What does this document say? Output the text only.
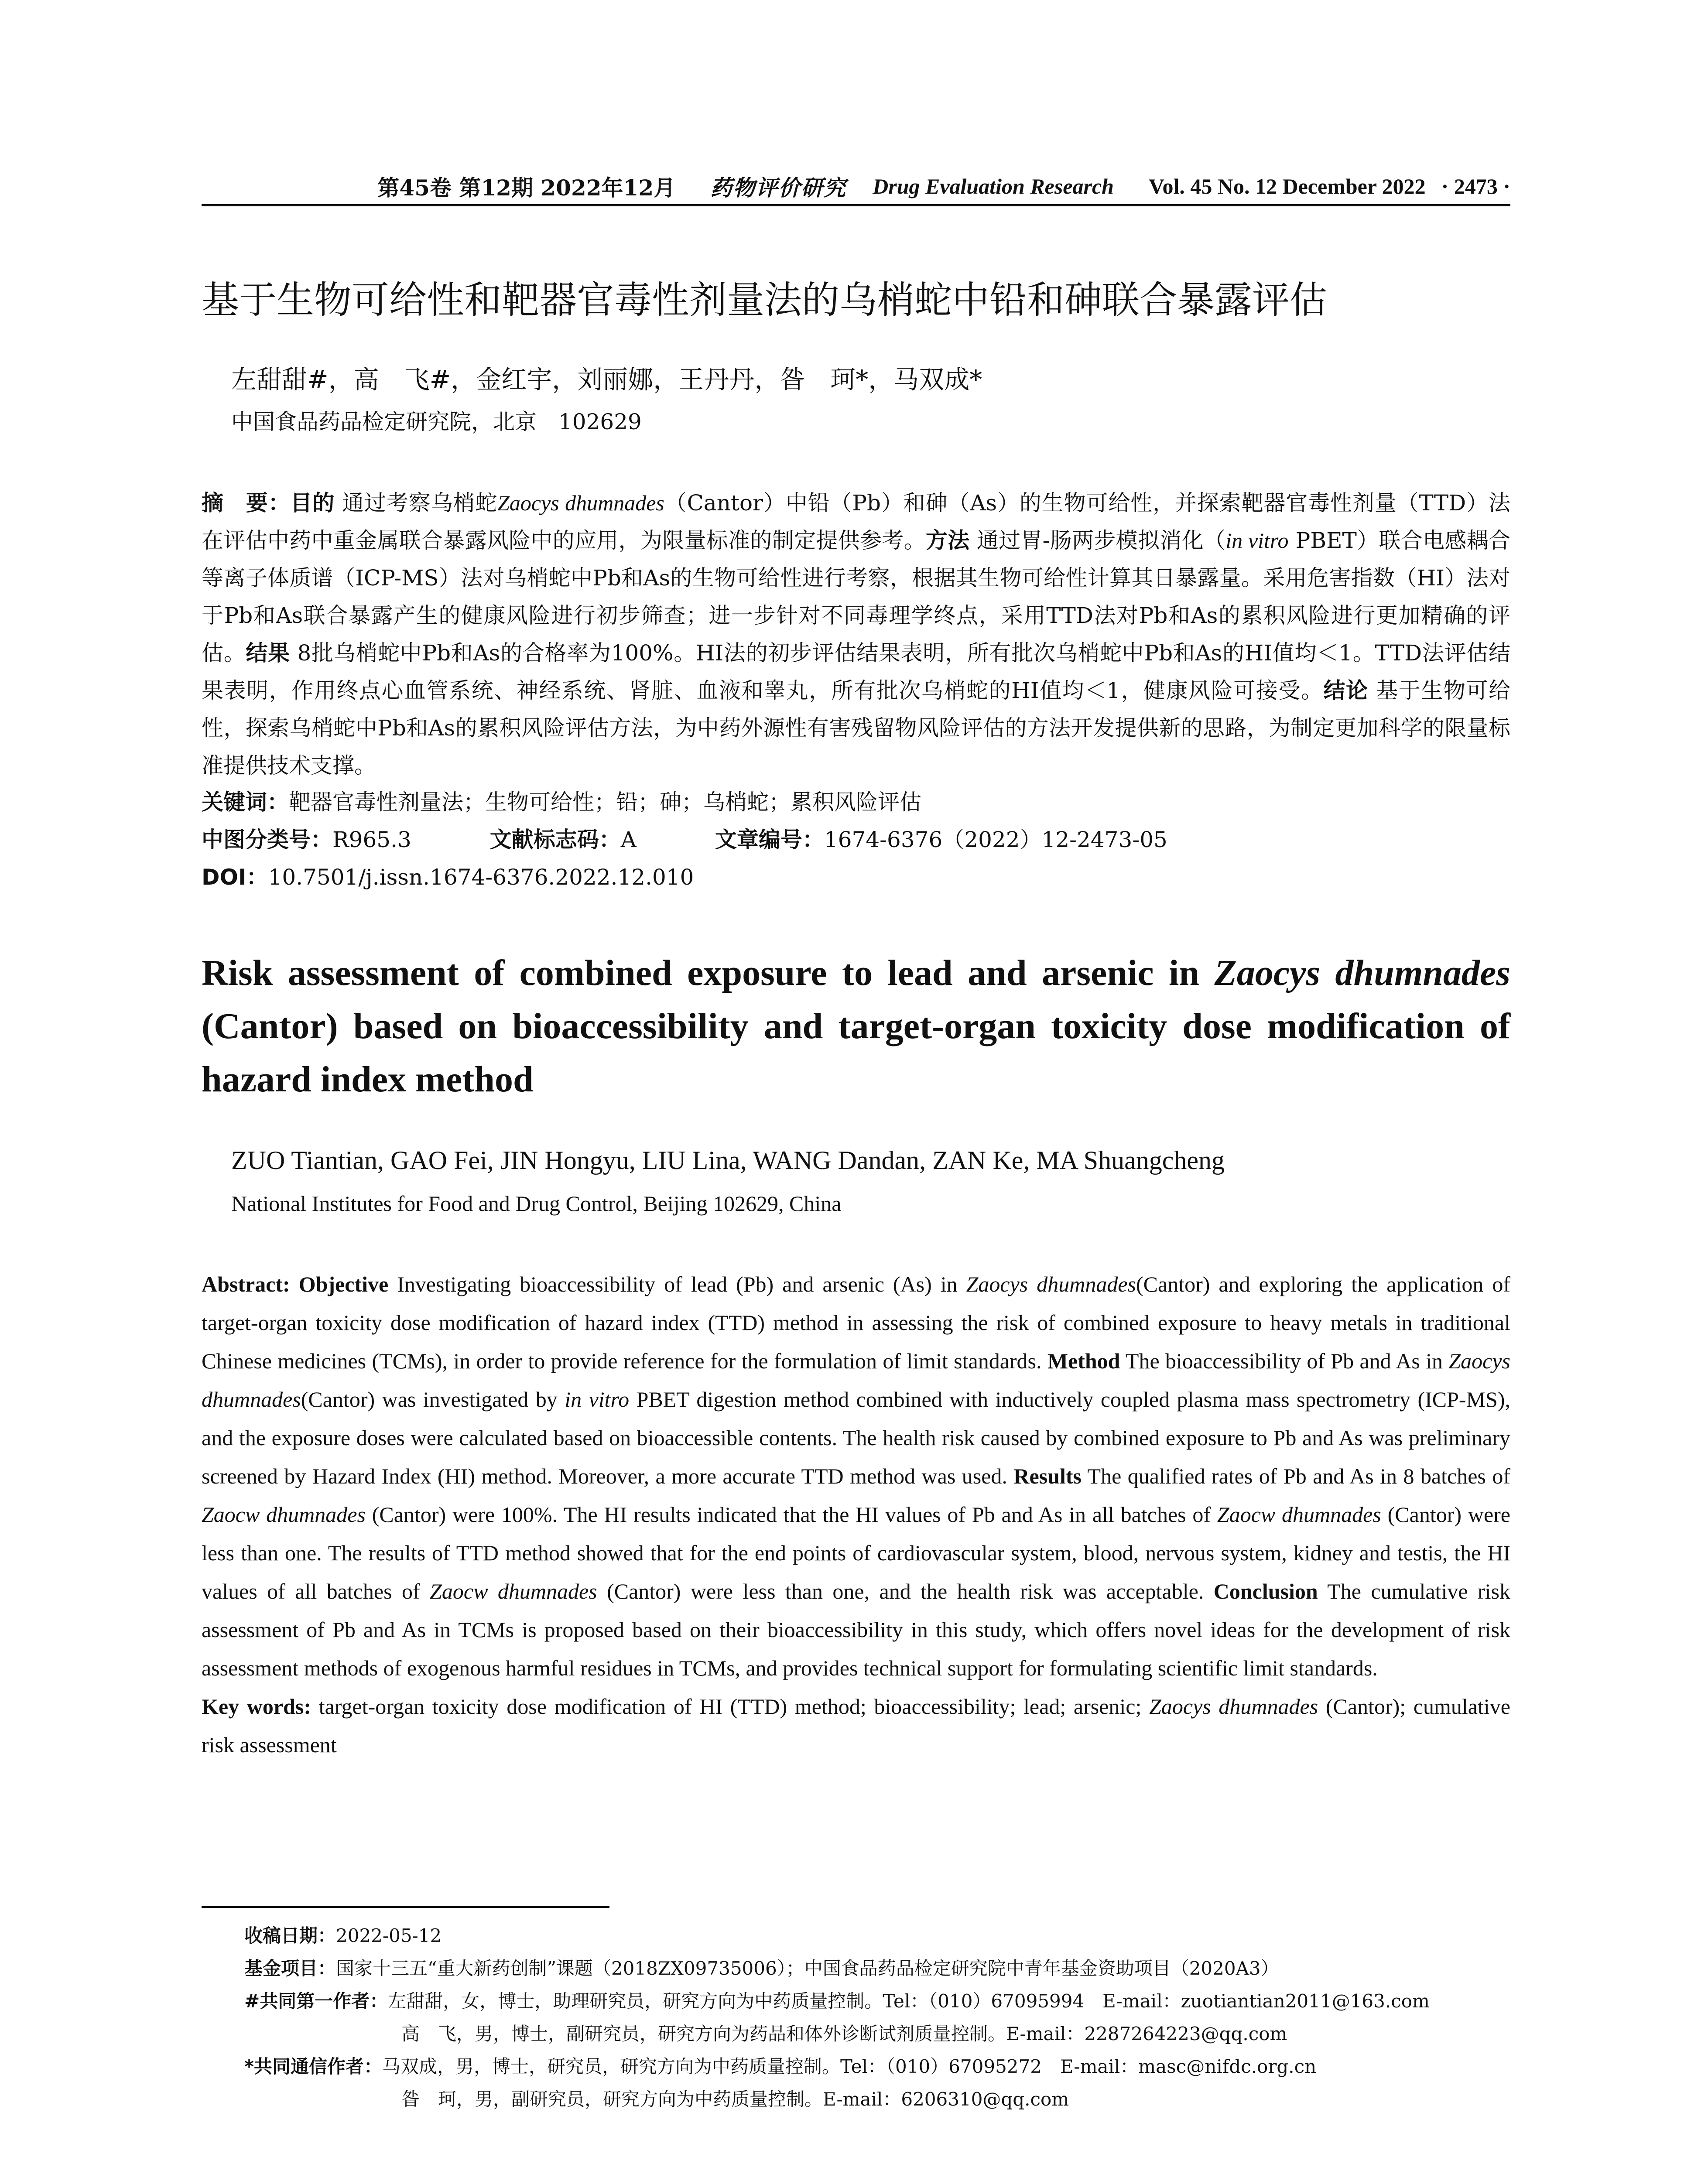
第45卷 第12期 2022年12月 药物评价研究 Drug Evaluation Research Vol. 45 No. 12 December 2022 · 2473 ·
基于生物可给性和靶器官毒性剂量法的乌梢蛇中铅和砷联合暴露评估
左甜甜#，高　飞#，金红宇，刘丽娜，王丹丹，昝　珂*，马双成*
中国食品药品检定研究院，北京　102629
摘　要：目的 通过考察乌梢蛇Zaocys dhumnades（Cantor）中铅（Pb）和砷（As）的生物可给性，并探索靶器官毒性剂量（TTD）法在评估中药中重金属联合暴露风险中的应用，为限量标准的制定提供参考。方法 通过胃-肠两步模拟消化（in vitro PBET）联合电感耦合等离子体质谱（ICP-MS）法对乌梢蛇中Pb和As的生物可给性进行考察，根据其生物可给性计算其日暴露量。采用危害指数（HI）法对于Pb和As联合暴露产生的健康风险进行初步筛查；进一步针对不同毒理学终点，采用TTD法对Pb和As的累积风险进行更加精确的评估。结果 8批乌梢蛇中Pb和As的合格率为100%。HI法的初步评估结果表明，所有批次乌梢蛇中Pb和As的HI值均＜1。TTD法评估结果表明，作用终点心血管系统、神经系统、肾脏、血液和睾丸，所有批次乌梢蛇的HI值均＜1，健康风险可接受。结论 基于生物可给性，探索乌梢蛇中Pb和As的累积风险评估方法，为中药外源性有害残留物风险评估的方法开发提供新的思路，为制定更加科学的限量标准提供技术支撑。
关键词：靶器官毒性剂量法；生物可给性；铅；砷；乌梢蛇；累积风险评估
中图分类号：R965.3	文献标志码：A	文章编号：1674-6376（2022）12-2473-05
DOI：10.7501/j.issn.1674-6376.2022.12.010
Risk assessment of combined exposure to lead and arsenic in Zaocys dhumnades (Cantor) based on bioaccessibility and target-organ toxicity dose modification of hazard index method
ZUO Tiantian, GAO Fei, JIN Hongyu, LIU Lina, WANG Dandan, ZAN Ke, MA Shuangcheng
National Institutes for Food and Drug Control, Beijing 102629, China
Abstract: Objective Investigating bioaccessibility of lead (Pb) and arsenic (As) in Zaocys dhumnades(Cantor) and exploring the application of target-organ toxicity dose modification of hazard index (TTD) method in assessing the risk of combined exposure to heavy metals in traditional Chinese medicines (TCMs), in order to provide reference for the formulation of limit standards. Method The bioaccessibility of Pb and As in Zaocys dhumnades(Cantor) was investigated by in vitro PBET digestion method combined with inductively coupled plasma mass spectrometry (ICP-MS), and the exposure doses were calculated based on bioaccessible contents. The health risk caused by combined exposure to Pb and As was preliminary screened by Hazard Index (HI) method. Moreover, a more accurate TTD method was used. Results The qualified rates of Pb and As in 8 batches of Zaocw dhumnades (Cantor) were 100%. The HI results indicated that the HI values of Pb and As in all batches of Zaocw dhumnades (Cantor) were less than one. The results of TTD method showed that for the end points of cardiovascular system, blood, nervous system, kidney and testis, the HI values of all batches of Zaocw dhumnades (Cantor) were less than one, and the health risk was acceptable. Conclusion The cumulative risk assessment of Pb and As in TCMs is proposed based on their bioaccessibility in this study, which offers novel ideas for the development of risk assessment methods of exogenous harmful residues in TCMs, and provides technical support for formulating scientific limit standards.
Key words: target-organ toxicity dose modification of HI (TTD) method; bioaccessibility; lead; arsenic; Zaocys dhumnades (Cantor); cumulative risk assessment
收稿日期：2022-05-12
基金项目：国家十三五“重大新药创制”课题（2018ZX09735006）；中国食品药品检定研究院中青年基金资助项目（2020A3）
#共同第一作者：左甜甜，女，博士，助理研究员，研究方向为中药质量控制。Tel：（010）67095994　E-mail：zuotiantian2011@163.com
高　飞，男，博士，副研究员，研究方向为药品和体外诊断试剂质量控制。E-mail：2287264223@qq.com
*共同通信作者：马双成，男，博士，研究员，研究方向为中药质量控制。Tel：（010）67095272　E-mail：masc@nifdc.org.cn
昝　珂，男，副研究员，研究方向为中药质量控制。E-mail：6206310@qq.com
